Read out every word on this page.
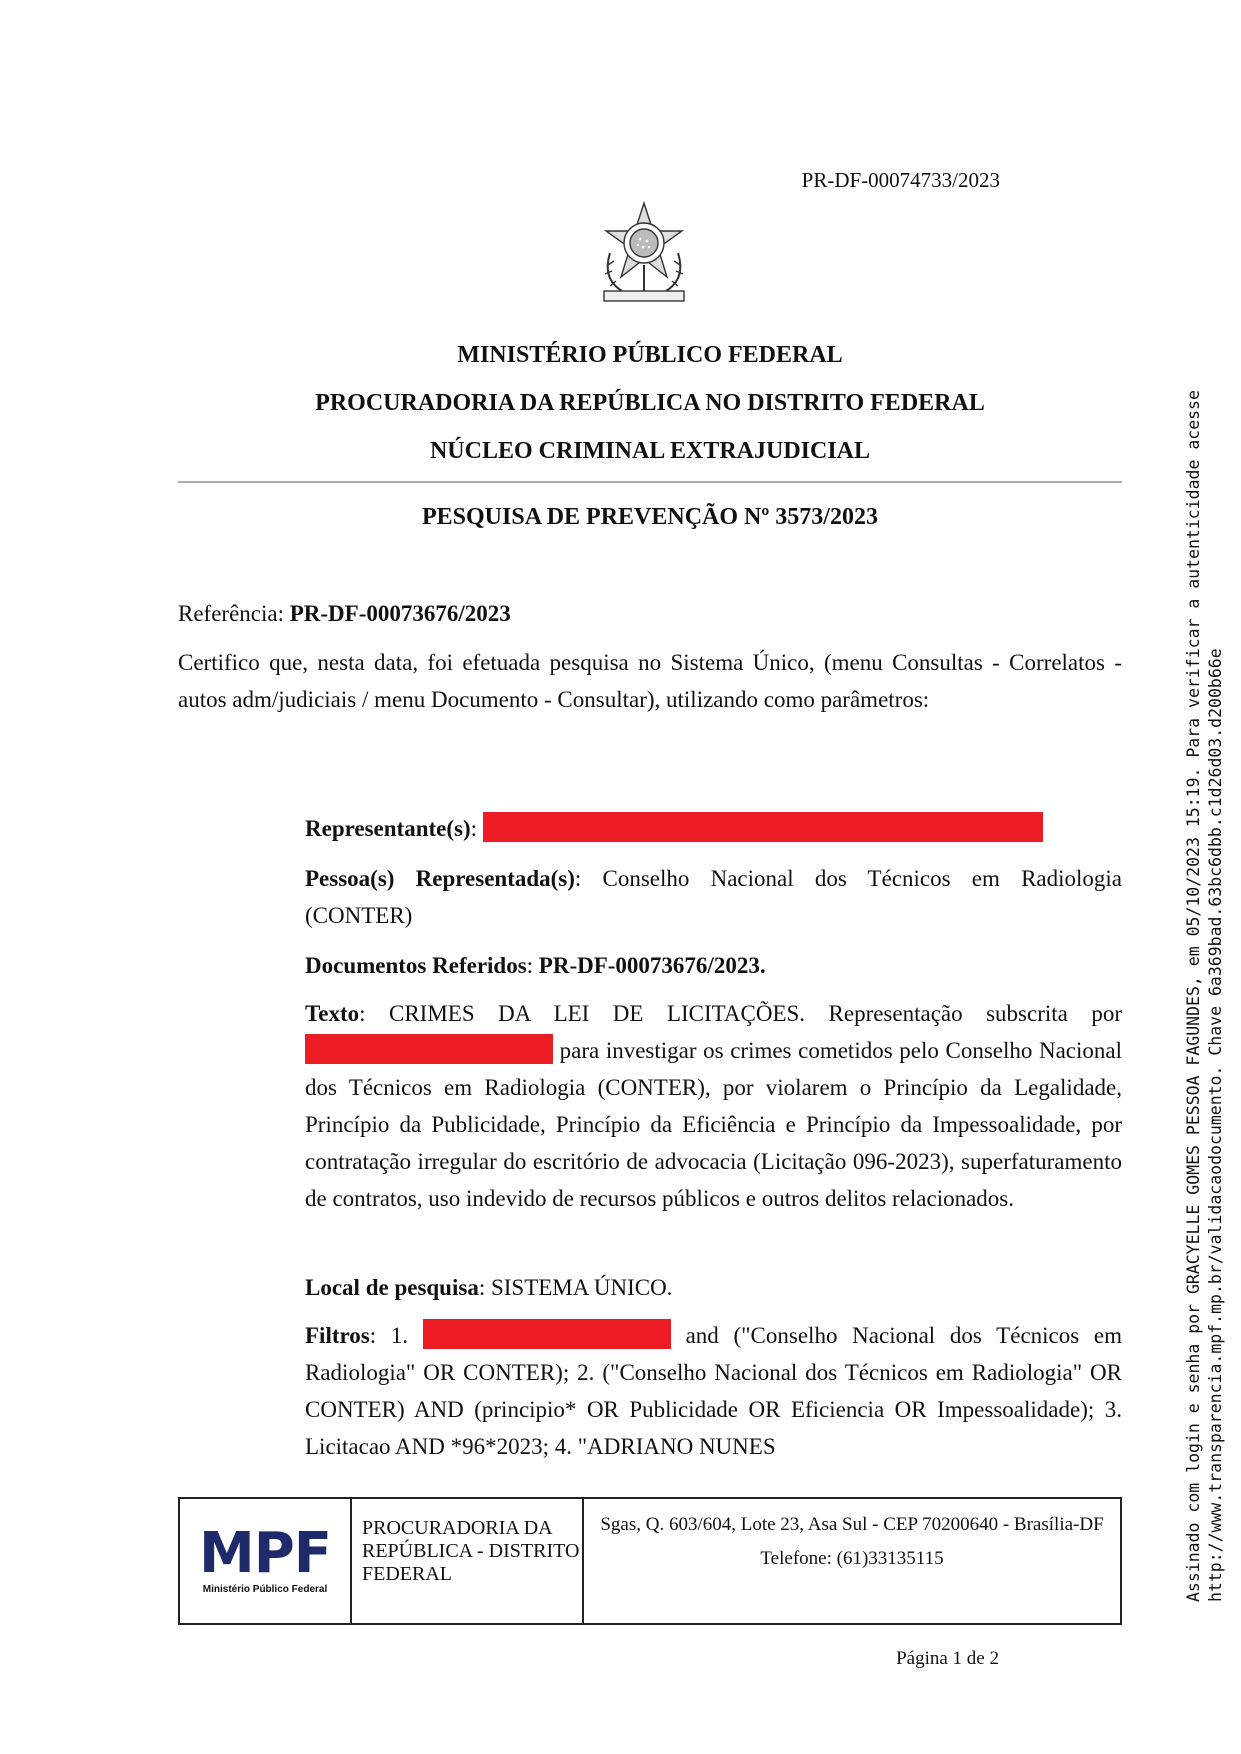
PR-DF-00074733/2023
MINISTÉRIO PÚBLICO FEDERAL
PROCURADORIA DA REPÚBLICA NO DISTRITO FEDERAL
NÚCLEO CRIMINAL EXTRAJUDICIAL
PESQUISA DE PREVENÇÃO Nº 3573/2023
Referência: PR-DF-00073676/2023
Certifico que, nesta data, foi efetuada pesquisa no Sistema Único, (menu Consultas - Correlatos - autos adm/judiciais / menu Documento - Consultar), utilizando como parâmetros:
Representante(s):
Pessoa(s) Representada(s): Conselho Nacional dos Técnicos em Radiologia (CONTER)
Documentos Referidos: PR-DF-00073676/2023.
Texto: CRIMES DA LEI DE LICITAÇÕES. Representação subscrita por  para investigar os crimes cometidos pelo Conselho Nacional dos Técnicos em Radiologia (CONTER), por violarem o Princípio da Legalidade, Princípio da Publicidade, Princípio da Eficiência e Princípio da Impessoalidade, por contratação irregular do escritório de advocacia (Licitação 096-2023), superfaturamento de contratos, uso indevido de recursos públicos e outros delitos relacionados.
Local de pesquisa: SISTEMA ÚNICO.
Filtros: 1.	and ("Conselho Nacional dos Técnicos em Radiologia" OR CONTER); 2. ("Conselho Nacional dos Técnicos em Radiologia" OR CONTER) AND (principio* OR Publicidade OR Eficiencia OR Impessoalidade); 3. Licitacao AND *96*2023; 4. "ADRIANO NUNES
MPF
Ministério Público Federal
PROCURADORIA DA REPÚBLICA - DISTRITO FEDERAL
Sgas, Q. 603/604, Lote 23, Asa Sul - CEP 70200640 - Brasília-DF
Telefone: (61)33135115
Página 1 de 2
Assinado com login e senha por GRACYELLE GOMES PESSOA FAGUNDES, em 05/10/2023 15:19. Para verificar a autenticidade acesse http://www.transparencia.mpf.mp.br/validacaodocumento. Chave 6a369bad.63bc6dbb.c1d26d03.d200b66e
